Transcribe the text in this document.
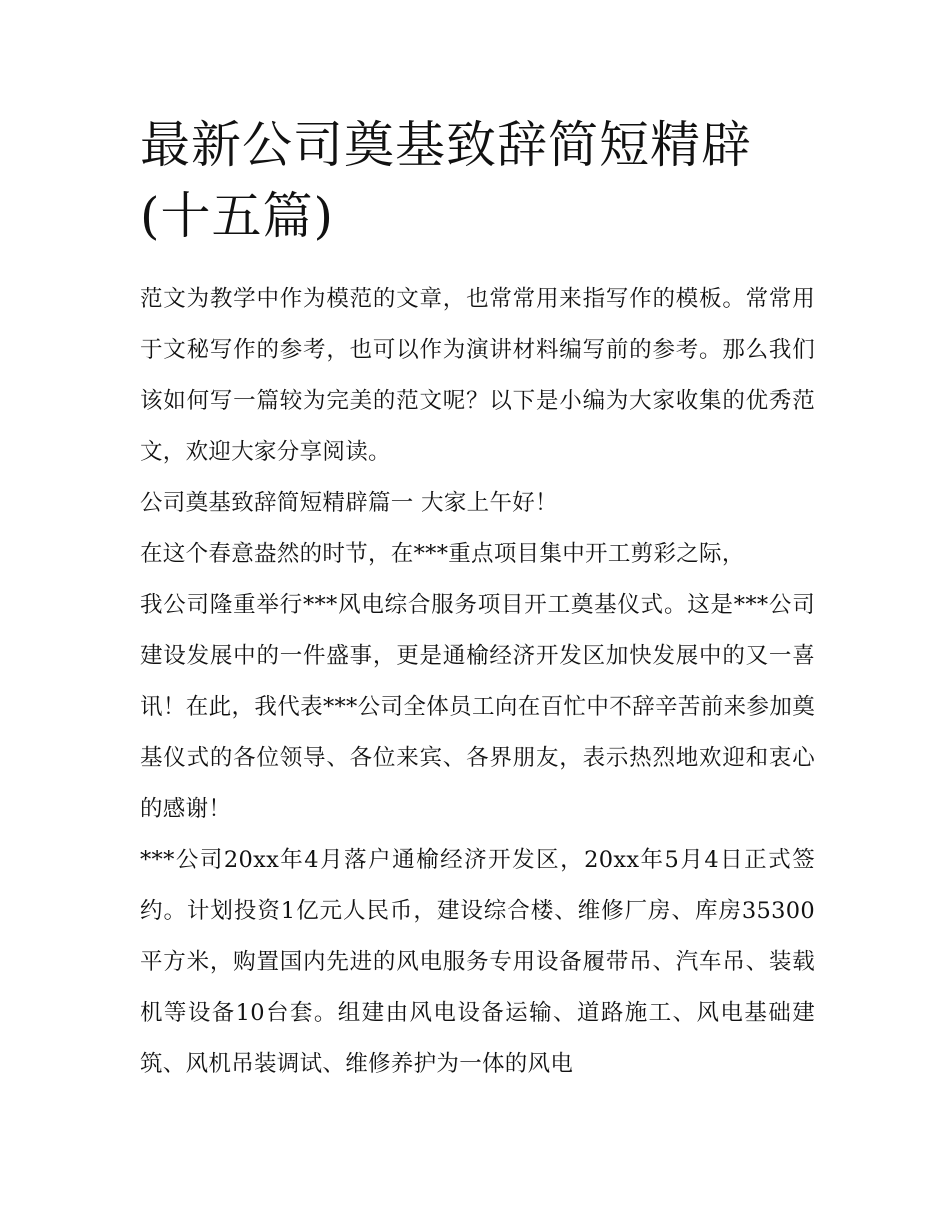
最新公司奠基致辞简短精辟(十五篇)

范文为教学中作为模范的文章，也常常用来指写作的模板。常常用于文秘写作的参考，也可以作为演讲材料编写前的参考。那么我们该如何写一篇较为完美的范文呢？以下是小编为大家收集的优秀范文，欢迎大家分享阅读。

公司奠基致辞简短精辟篇一 大家上午好！

在这个春意盎然的时节，在***重点项目集中开工剪彩之际，

我公司隆重举行***风电综合服务项目开工奠基仪式。这是***公司建设发展中的一件盛事，更是通榆经济开发区加快发展中的又一喜讯！在此，我代表***公司全体员工向在百忙中不辞辛苦前来参加奠基仪式的各位领导、各位来宾、各界朋友，表示热烈地欢迎和衷心的感谢！

***公司20xx年4月落户通榆经济开发区，20xx年5月4日正式签约。计划投资1亿元人民币，建设综合楼、维修厂房、库房35300平方米，购置国内先进的风电服务专用设备履带吊、汽车吊、装载机等设备10台套。组建由风电设备运输、道路施工、风电基础建筑、风机吊装调试、维修养护为一体的风电
